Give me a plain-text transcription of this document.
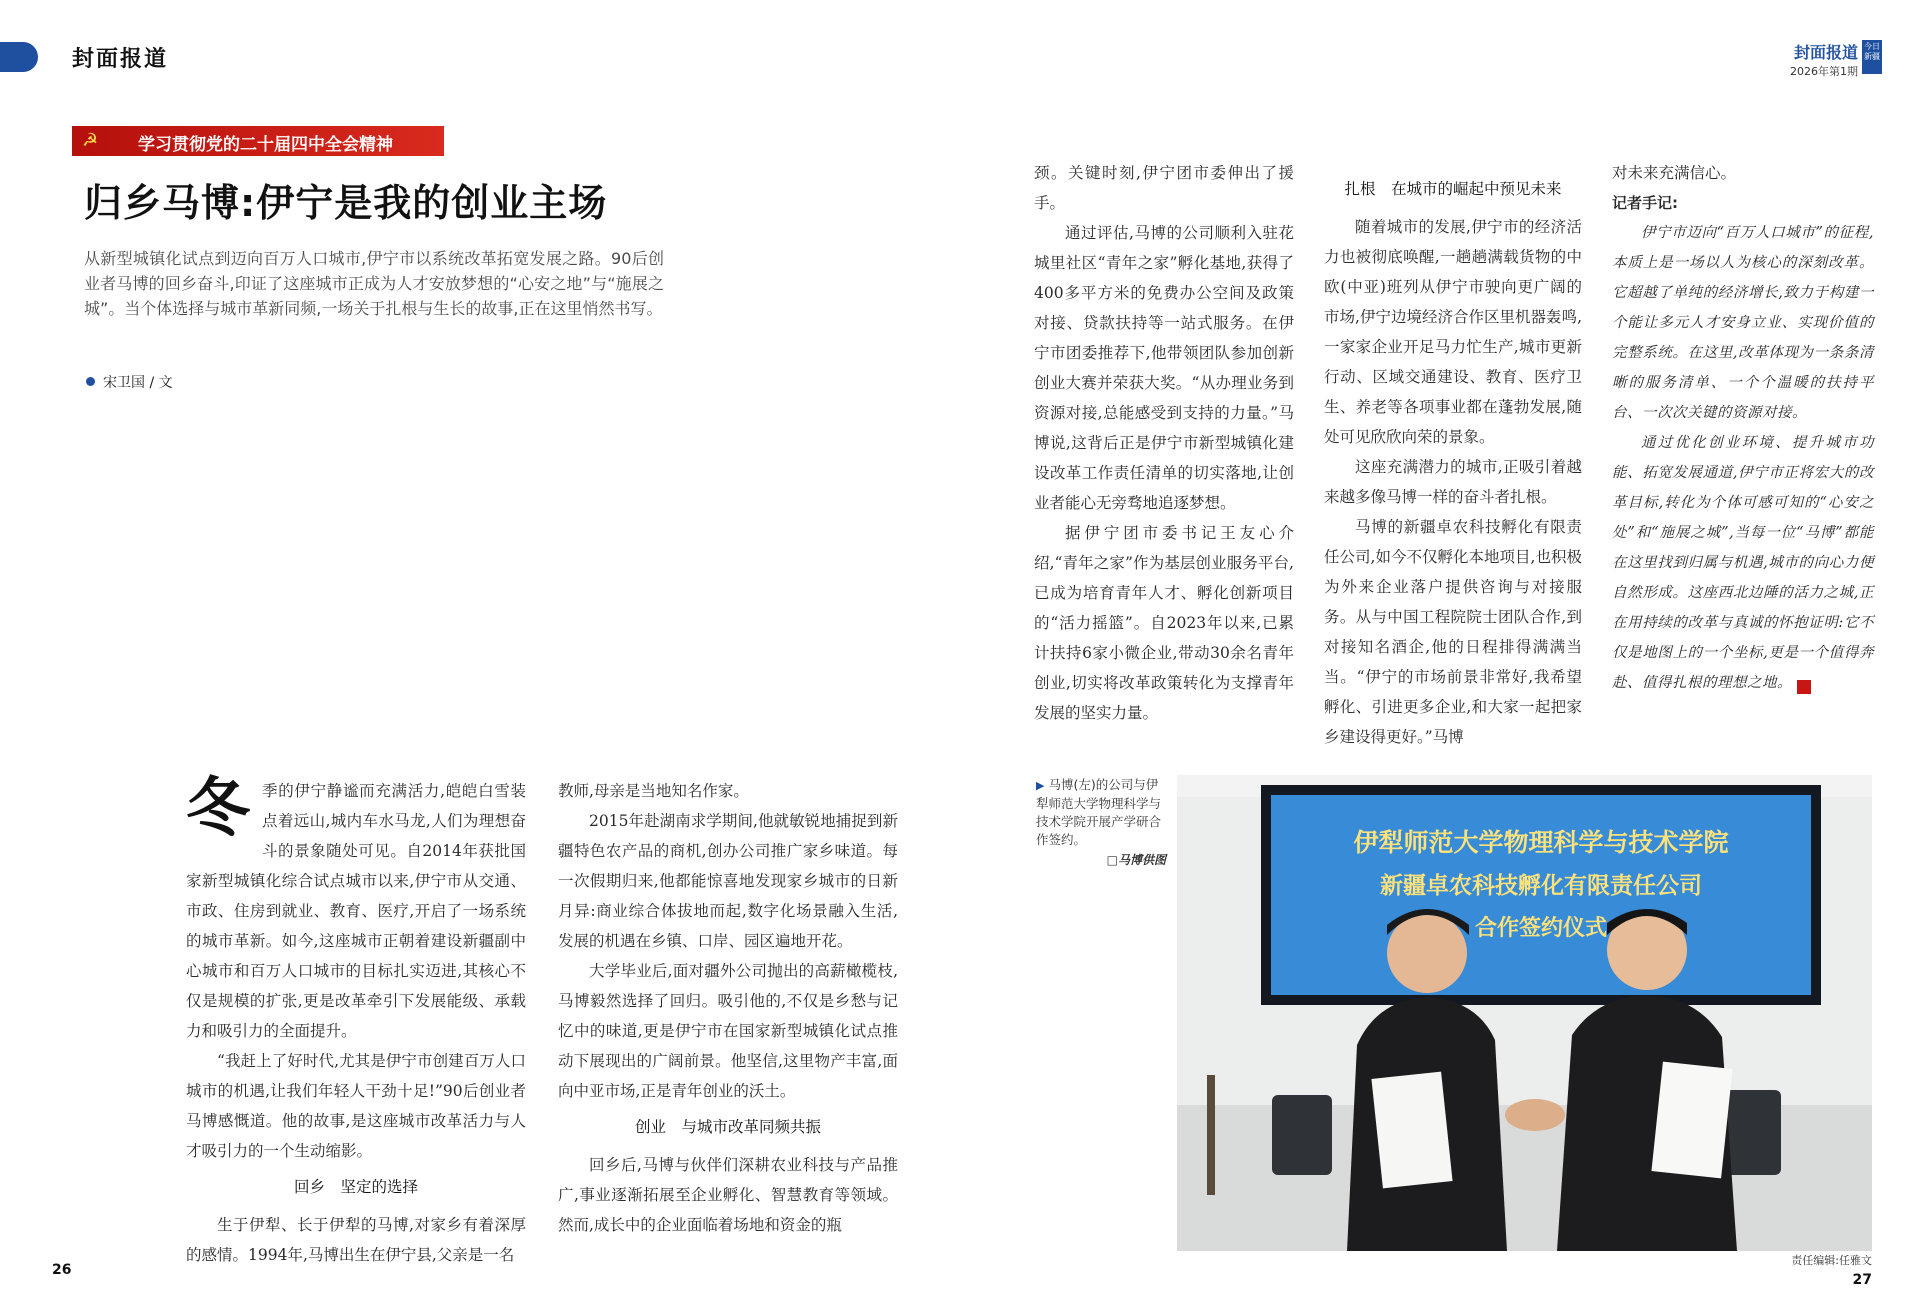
封面报道	封面报道
2026年第1期
今日新疆
☭ 学习贯彻党的二十届四中全会精神
归乡马博:伊宁是我的创业主场
从新型城镇化试点到迈向百万人口城市,伊宁市以系统改革拓宽发展之路。90后创业者马博的回乡奋斗,印证了这座城市正成为人才安放梦想的“心安之地”与“施展之城”。当个体选择与城市革新同频,一场关于扎根与生长的故事,正在这里悄然书写。
宋卫国 / 文

冬季的伊宁静谧而充满活力,皑皑白雪装点着远山,城内车水马龙,人们为理想奋斗的景象随处可见。自2014年获批国家新型城镇化综合试点城市以来,伊宁市从交通、市政、住房到就业、教育、医疗,开启了一场系统的城市革新。如今,这座城市正朝着建设新疆副中心城市和百万人口城市的目标扎实迈进,其核心不仅是规模的扩张,更是改革牵引下发展能级、承载力和吸引力的全面提升。

“我赶上了好时代,尤其是伊宁市创建百万人口城市的机遇,让我们年轻人干劲十足!”90后创业者马博感慨道。他的故事,是这座城市改革活力与人才吸引力的一个生动缩影。

回乡　坚定的选择

生于伊犁、长于伊犁的马博,对家乡有着深厚的感情。1994年,马博出生在伊宁县,父亲是一名

教师,母亲是当地知名作家。

2015年赴湖南求学期间,他就敏锐地捕捉到新疆特色农产品的商机,创办公司推广家乡味道。每一次假期归来,他都能惊喜地发现家乡城市的日新月异:商业综合体拔地而起,数字化场景融入生活,发展的机遇在乡镇、口岸、园区遍地开花。

大学毕业后,面对疆外公司抛出的高薪橄榄枝,马博毅然选择了回归。吸引他的,不仅是乡愁与记忆中的味道,更是伊宁市在国家新型城镇化试点推动下展现出的广阔前景。他坚信,这里物产丰富,面向中亚市场,正是青年创业的沃土。

创业　与城市改革同频共振

回乡后,马博与伙伴们深耕农业科技与产品推广,事业逐渐拓展至企业孵化、智慧教育等领域。然而,成长中的企业面临着场地和资金的瓶

颈。关键时刻,伊宁团市委伸出了援手。

通过评估,马博的公司顺利入驻花城里社区“青年之家”孵化基地,获得了400多平方米的免费办公空间及政策对接、贷款扶持等一站式服务。在伊宁市团委推荐下,他带领团队参加创新创业大赛并荣获大奖。“从办理业务到资源对接,总能感受到支持的力量。”马博说,这背后正是伊宁市新型城镇化建设改革工作责任清单的切实落地,让创业者能心无旁骛地追逐梦想。

据伊宁团市委书记王友心介绍,“青年之家”作为基层创业服务平台,已成为培育青年人才、孵化创新项目的“活力摇篮”。自2023年以来,已累计扶持6家小微企业,带动30余名青年创业,切实将改革政策转化为支撑青年发展的坚实力量。

扎根　在城市的崛起中预见未来

随着城市的发展,伊宁市的经济活力也被彻底唤醒,一趟趟满载货物的中欧(中亚)班列从伊宁市驶向更广阔的市场,伊宁边境经济合作区里机器轰鸣,一家家企业开足马力忙生产,城市更新行动、区域交通建设、教育、医疗卫生、养老等各项事业都在蓬勃发展,随处可见欣欣向荣的景象。

这座充满潜力的城市,正吸引着越来越多像马博一样的奋斗者扎根。

马博的新疆卓农科技孵化有限责任公司,如今不仅孵化本地项目,也积极为外来企业落户提供咨询与对接服务。从与中国工程院院士团队合作,到对接知名酒企,他的日程排得满满当当。“伊宁的市场前景非常好,我希望孵化、引进更多企业,和大家一起把家乡建设得更好。”马博

对未来充满信心。

记者手记:

伊宁市迈向“百万人口城市”的征程,本质上是一场以人为核心的深刻改革。它超越了单纯的经济增长,致力于构建一个能让多元人才安身立业、实现价值的完整系统。在这里,改革体现为一条条清晰的服务清单、一个个温暖的扶持平台、一次次关键的资源对接。

通过优化创业环境、提升城市功能、拓宽发展通道,伊宁市正将宏大的改革目标,转化为个体可感可知的“心安之处”和“施展之城”,当每一位“马博”都能在这里找到归属与机遇,城市的向心力便自然形成。这座西北边陲的活力之城,正在用持续的改革与真诚的怀抱证明:它不仅是地图上的一个坐标,更是一个值得奔赴、值得扎根的理想之地。	丿

▶ 马博(左)的公司与伊犁师范大学物理科学与技术学院开展产学研合作签约。
□马博供图
伊犁师范大学物理科学与技术学院
新疆卓农科技孵化有限责任公司
合作签约仪式
26
责任编辑:任雅文
27
